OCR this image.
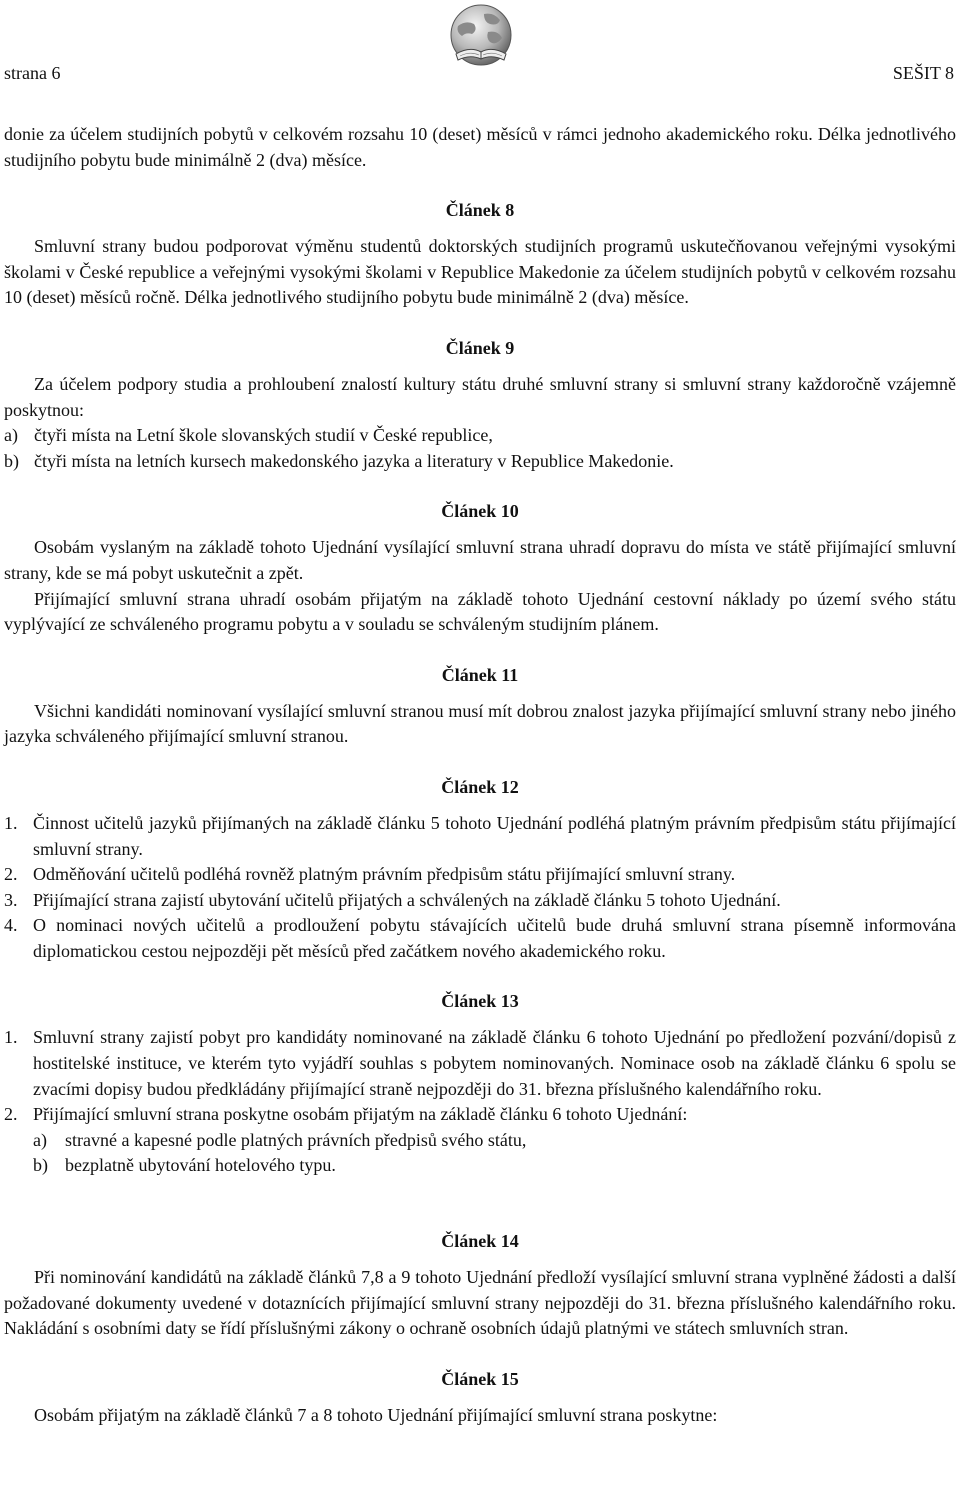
strana 6	SEŠIT 8

donie za účelem studijních pobytů v celkovém rozsahu 10 (deset) měsíců v rámci jednoho akademického roku. Délka jednotlivého studijního pobytu bude minimálně 2 (dva) měsíce.

Článek 8

Smluvní strany budou podporovat výměnu studentů doktorských studijních programů uskutečňovanou veřejnými vysokými školami v České republice a veřejnými vysokými školami v Republice Makedonie za účelem studijních pobytů v celkovém rozsahu 10 (deset) měsíců ročně. Délka jednotlivého studijního pobytu bude minimálně 2 (dva) měsíce.

Článek 9

Za účelem podpory studia a prohloubení znalostí kultury státu druhé smluvní strany si smluvní strany každoročně vzájemně poskytnou:

a) čtyři místa na Letní škole slovanských studií v České republice,
b) čtyři místa na letních kursech makedonského jazyka a literatury v Republice Makedonie.

Článek 10

Osobám vyslaným na základě tohoto Ujednání vysílající smluvní strana uhradí dopravu do místa ve státě přijímající smluvní strany, kde se má pobyt uskutečnit a zpět.

Přijímající smluvní strana uhradí osobám přijatým na základě tohoto Ujednání cestovní náklady po území svého státu vyplývající ze schváleného programu pobytu a v souladu se schváleným studijním plánem.

Článek 11

Všichni kandidáti nominovaní vysílající smluvní stranou musí mít dobrou znalost jazyka přijímající smluvní strany nebo jiného jazyka schváleného přijímající smluvní stranou.

Článek 12

1. Činnost učitelů jazyků přijímaných na základě článku 5 tohoto Ujednání podléhá platným právním předpisům státu přijímající smluvní strany.
2. Odměňování učitelů podléhá rovněž platným právním předpisům státu přijímající smluvní strany.
3. Přijímající strana zajistí ubytování učitelů přijatých a schválených na základě článku 5 tohoto Ujednání.
4. O nominaci nových učitelů a prodloužení pobytu stávajících učitelů bude druhá smluvní strana písemně informována diplomatickou cestou nejpozději pět měsíců před začátkem nového akademického roku.

Článek 13

1. Smluvní strany zajistí pobyt pro kandidáty nominované na základě článku 6 tohoto Ujednání po předložení pozvání/dopisů z hostitelské instituce, ve kterém tyto vyjádří souhlas s pobytem nominovaných. Nominace osob na základě článku 6 spolu se zvacími dopisy budou předkládány přijímající straně nejpozději do 31. března příslušného kalendářního roku.
2. Přijímající smluvní strana poskytne osobám přijatým na základě článku 6 tohoto Ujednání:
a)	stravné a kapesné podle platných právních předpisů svého státu,
b) bezplatně ubytování hotelového typu.

Článek 14

Při nominování kandidátů na základě článků 7,8 a 9 tohoto Ujednání předloží vysílající smluvní strana vyplněné žádosti a další požadované dokumenty uvedené v dotaznících přijímající smluvní strany nejpozději do 31. března příslušného kalendářního roku. Nakládání s osobními daty se řídí příslušnými zákony o ochraně osobních údajů platnými ve státech smluvních stran.

Článek 15

Osobám přijatým na základě článků 7 a 8 tohoto Ujednání přijímající smluvní strana poskytne:
